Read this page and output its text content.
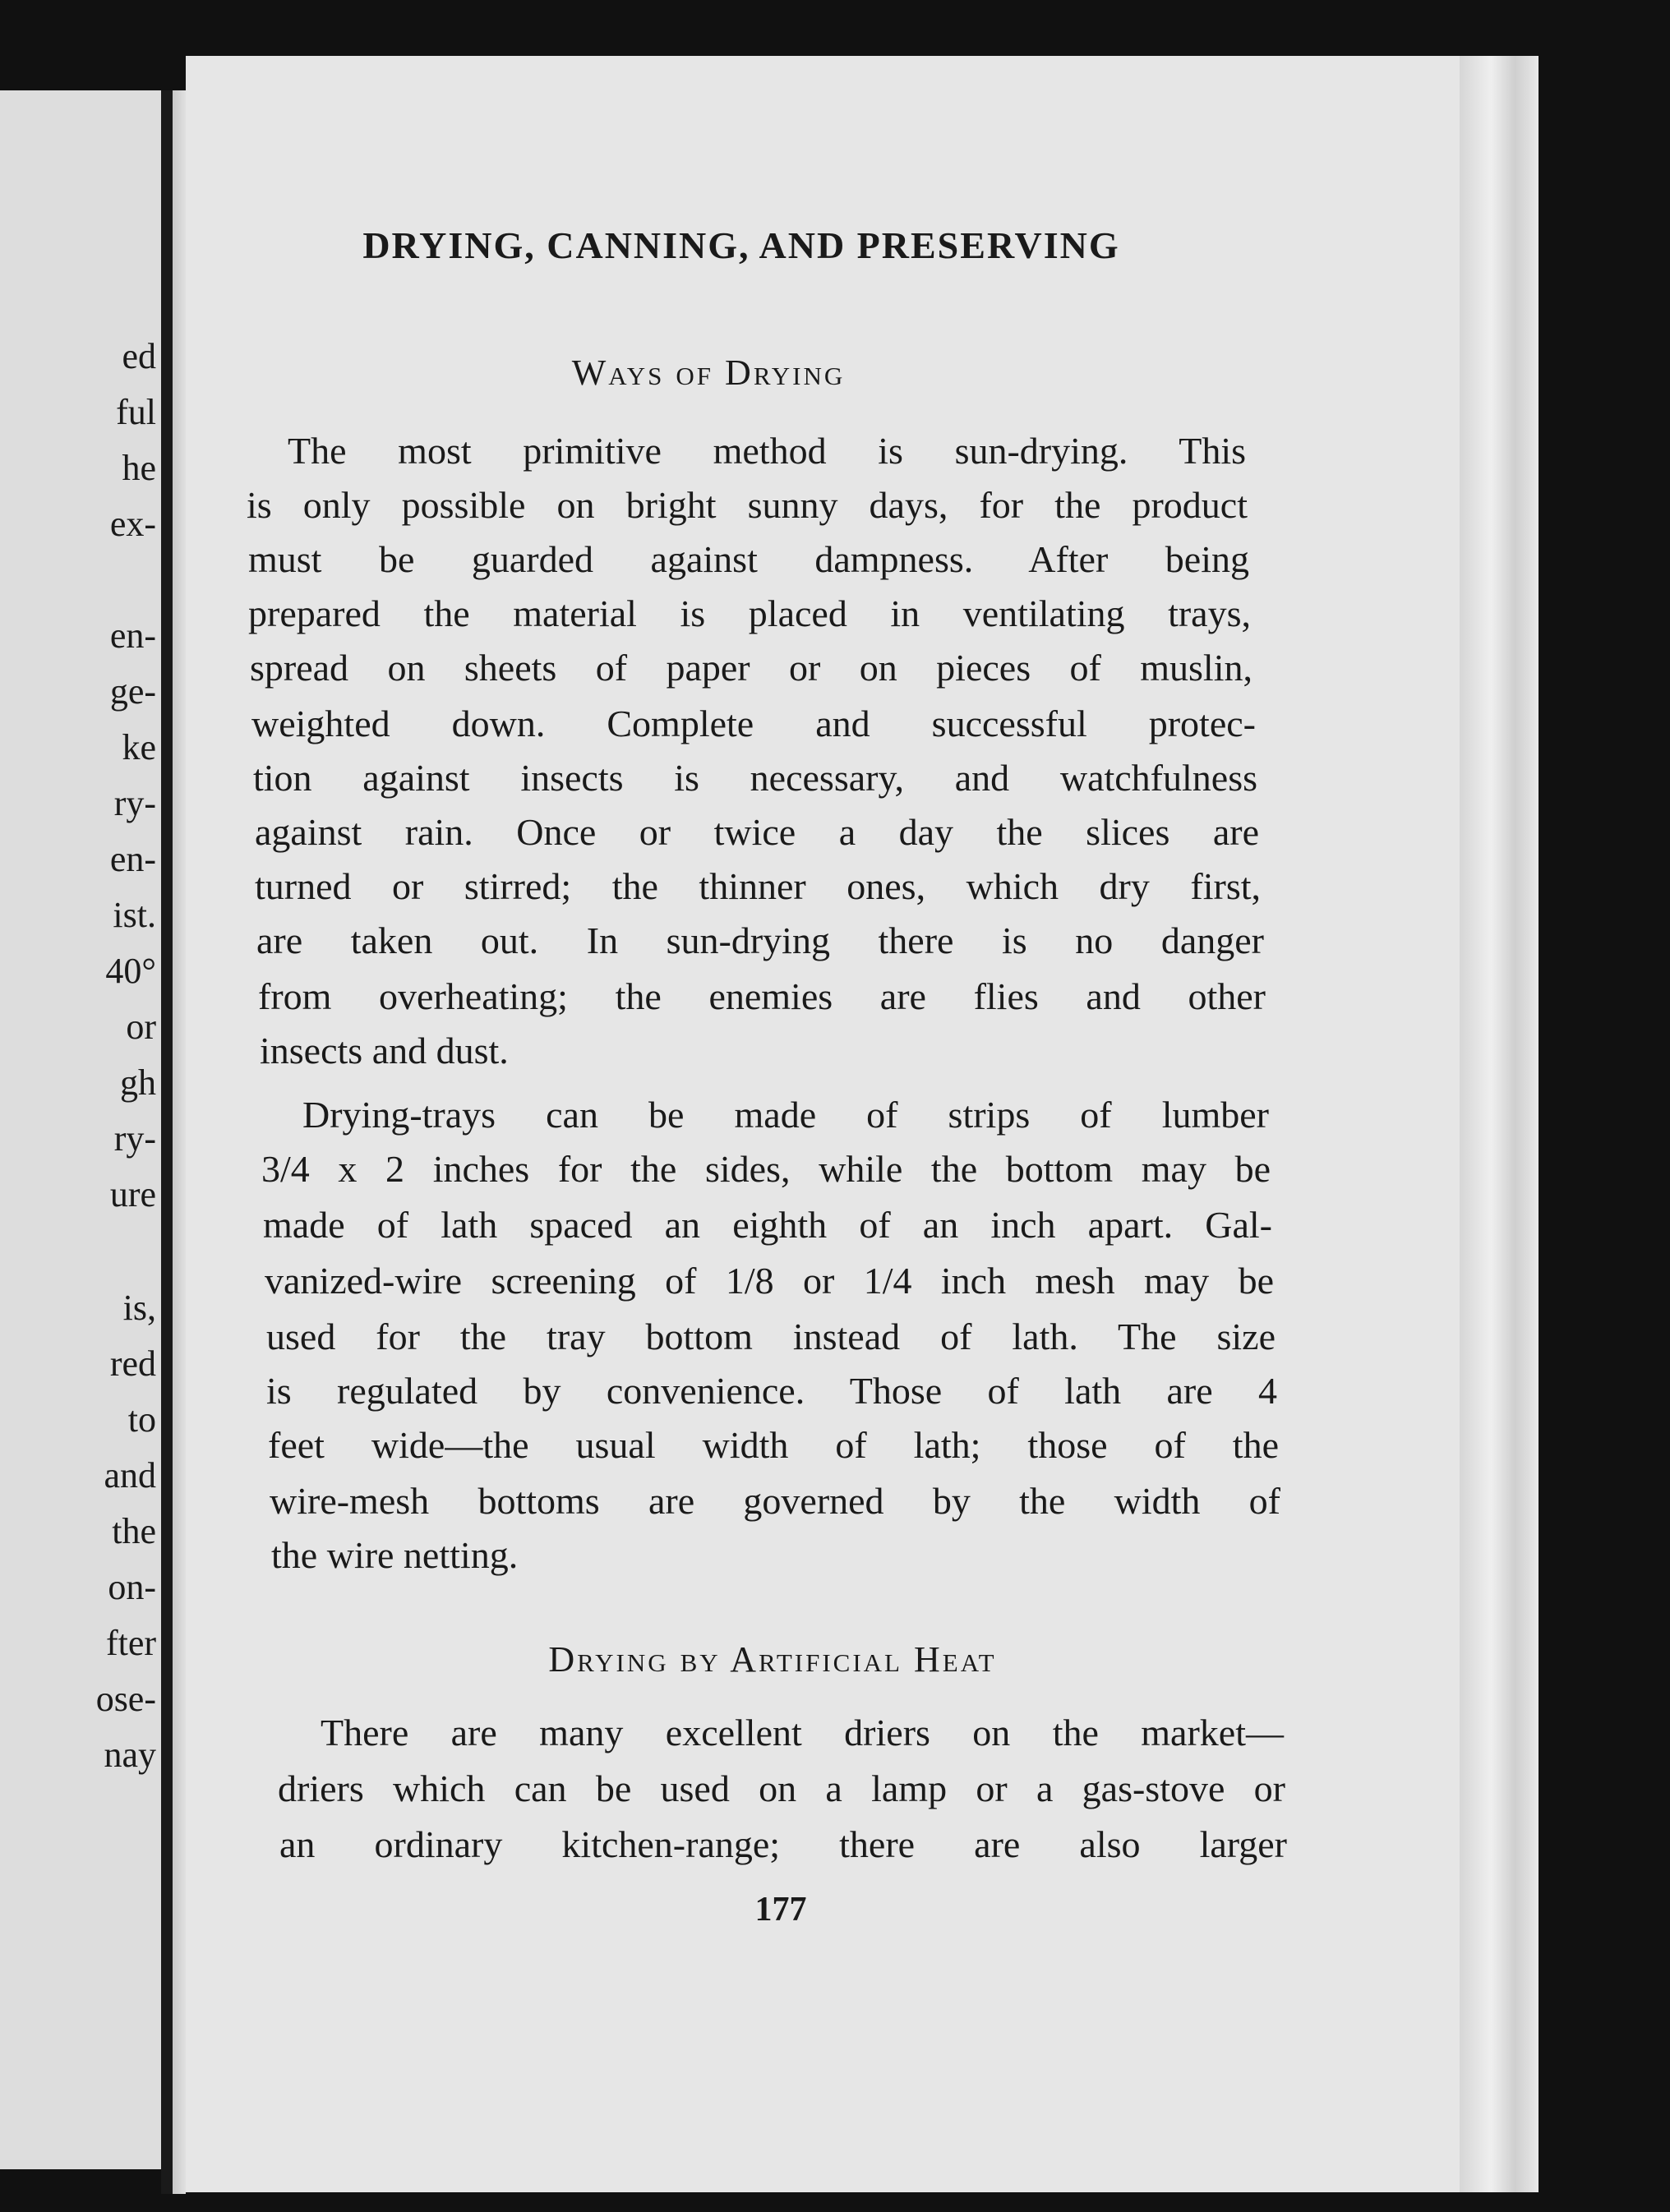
ed
ful
he
ex-
en-
ge-
ke
ry-
en-
ist.
40°
or
gh
ry-
ure
is,
red
to
and
the
on-
fter
ose-
nay
DRYING, CANNING, AND PRESERVING
Ways of Drying
The most primitive method is sun-drying. This
is only possible on bright sunny days, for the product
must be guarded against dampness. After being
prepared the material is placed in ventilating trays,
spread on sheets of paper or on pieces of muslin,
weighted down. Complete and successful protec-
tion against insects is necessary, and watchfulness
against rain. Once or twice a day the slices are
turned or stirred; the thinner ones, which dry first,
are taken out. In sun-drying there is no danger
from overheating; the enemies are flies and other
insects and dust.
Drying-trays can be made of strips of lumber
3/4 x 2 inches for the sides, while the bottom may be
made of lath spaced an eighth of an inch apart. Gal-
vanized-wire screening of 1/8 or 1/4 inch mesh may be
used for the tray bottom instead of lath. The size
is regulated by convenience. Those of lath are 4
feet wide—the usual width of lath; those of the
wire-mesh bottoms are governed by the width of
the wire netting.
Drying by Artificial Heat
There are many excellent driers on the market—
driers which can be used on a lamp or a gas-stove or
an ordinary kitchen-range; there are also larger
177
